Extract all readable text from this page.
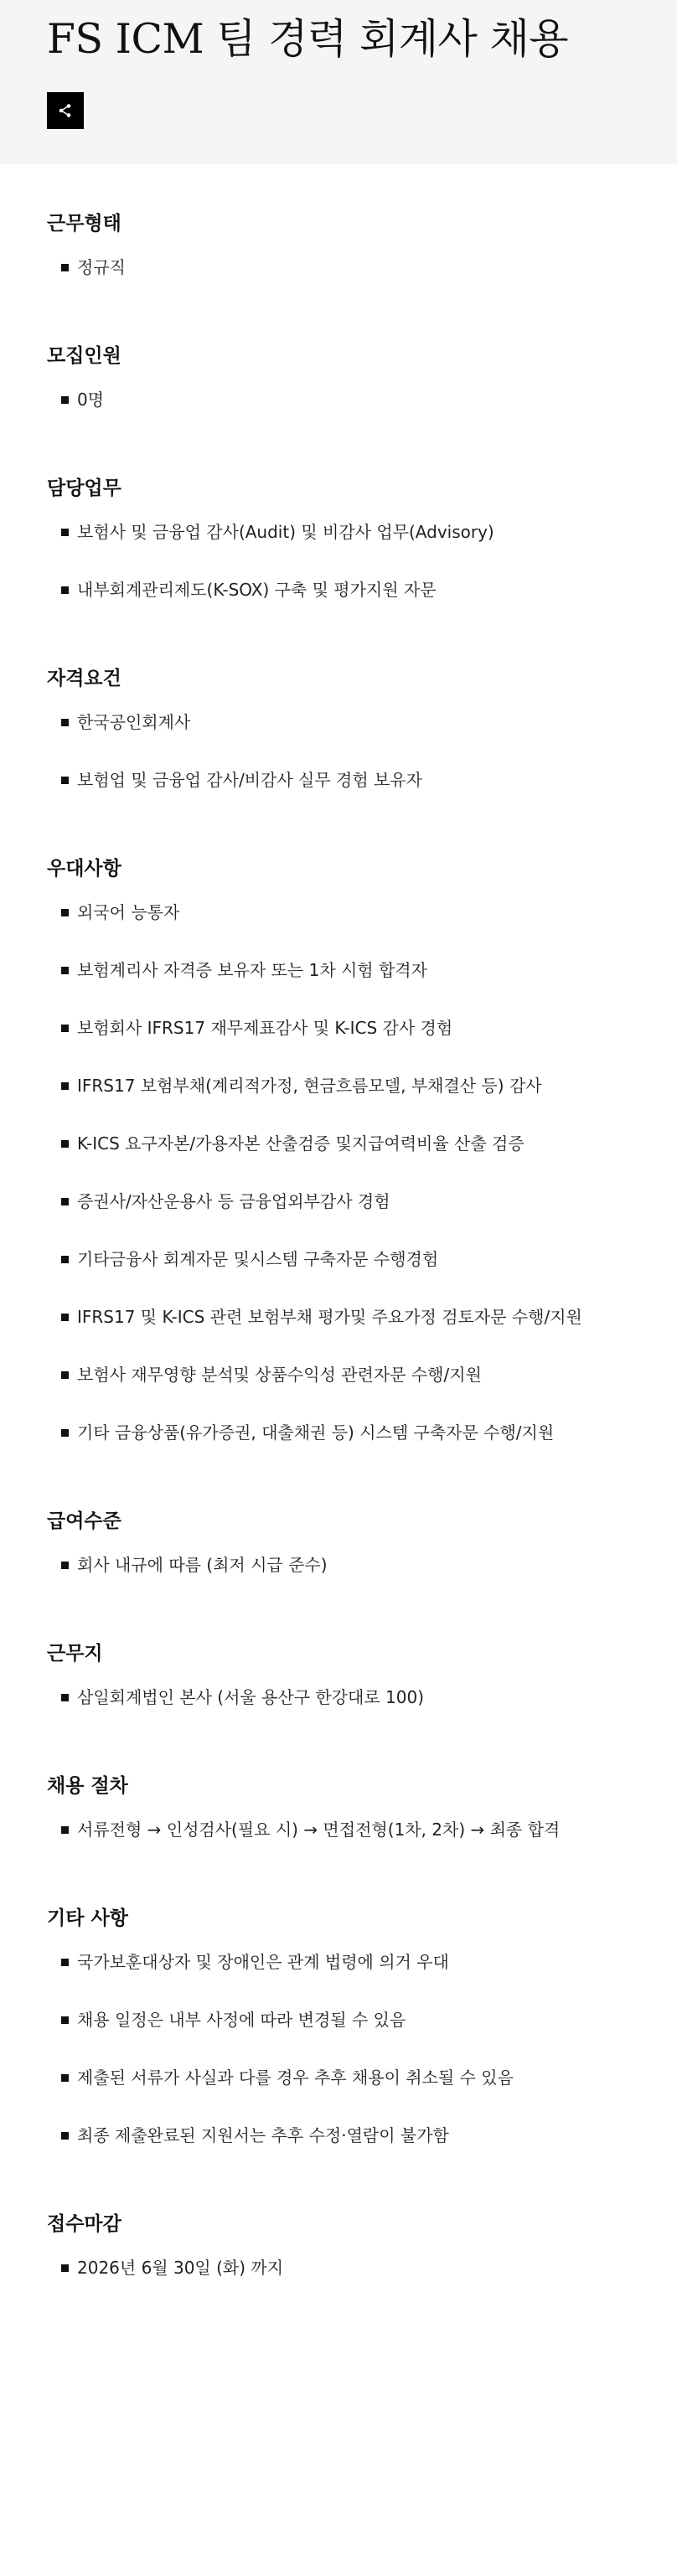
FS ICM 팀 경력 회계사 채용
근무형태
정규직
모집인원
0명
담당업무
보험사 및 금융업 감사(Audit) 및 비감사 업무(Advisory)
내부회계관리제도(K-SOX) 구축 및 평가지원 자문
자격요건
한국공인회계사
보험업 및 금융업 감사/비감사 실무 경험 보유자
우대사항
외국어 능통자
보험계리사 자격증 보유자 또는 1차 시험 합격자
보험회사 IFRS17 재무제표감사 및 K-ICS 감사 경험
IFRS17 보험부채(계리적가정, 현금흐름모델, 부채결산 등) 감사
K-ICS 요구자본/가용자본 산출검증 및지급여력비율 산출 검증
증권사/자산운용사 등 금융업외부감사 경험
기타금융사 회계자문 및시스템 구축자문 수행경험
IFRS17 및 K-ICS 관련 보험부채 평가및 주요가정 검토자문 수행/지원
보험사 재무영향 분석및 상품수익성 관련자문 수행/지원
기타 금융상품(유가증권, 대출채권 등) 시스템 구축자문 수행/지원
급여수준
회사 내규에 따름 (최저 시급 준수)
근무지
삼일회계법인 본사 (서울 용산구 한강대로 100)
채용 절차
서류전형 → 인성검사(필요 시) → 면접전형(1차, 2차) → 최종 합격
기타 사항
국가보훈대상자 및 장애인은 관계 법령에 의거 우대
채용 일정은 내부 사정에 따라 변경될 수 있음
제출된 서류가 사실과 다를 경우 추후 채용이 취소될 수 있음
최종 제출완료된 지원서는 추후 수정·열람이 불가함
접수마감
2026년 6월 30일 (화) 까지
